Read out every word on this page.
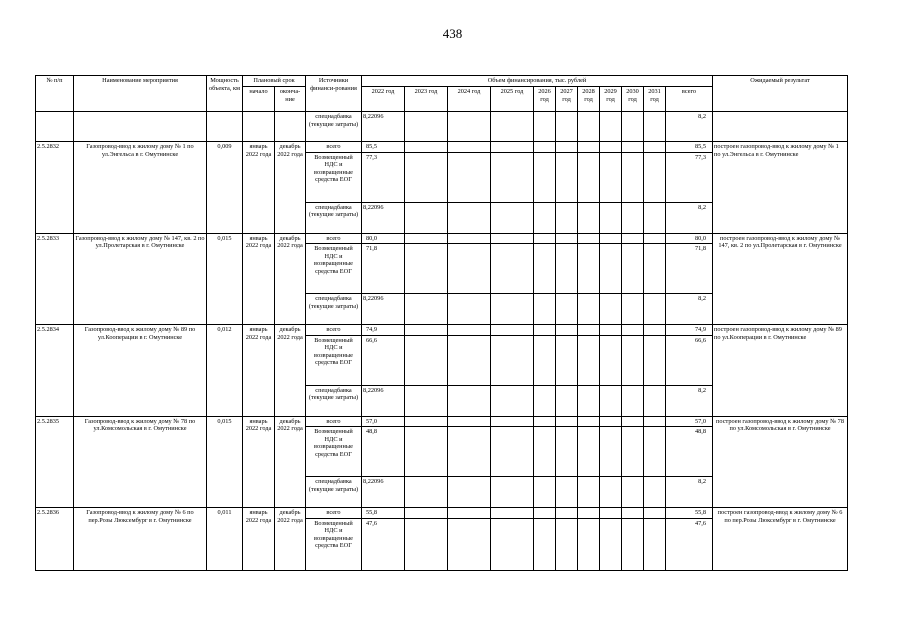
438
№ п/п	Наименование мероприятия	Мощность объекта, км	Плановый срок		Источники финанси-рования	Объем финансирования, тыс. рублей											Ожидаемый результат
			начало	оконча-ние		2022 год	2023 год	2024 год	2025 год	2026 год	2027 год	2028 год	2029 год	2030 год	2031 год	всего	
					спецнадбавка (текущие затраты)	8,22096										8,2	
2.5.2832	Газопровод-ввод к жилому дому № 1 по ул.Энгельса в г. Омутнинске	0,009	январь 2022 года	декабрь 2022 года	всего	85,5										85,5	построен газопровод-ввод к жилому дому № 1 по ул.Энгельса в г. Омутнинске
					Возмещенный НДС и возвращенные средства ЕОГ	77,3										77,3	
					спецнадбавка (текущие затраты)	8,22096										8,2	
2.5.2833	Газопровод-ввод к жилому дому № 147, кв. 2 по ул.Пролетарская в г. Омутнинске	0,015	январь 2022 года	декабрь 2022 года	всего	80,0										80,0	построен газопровод-ввод к жилому дому № 147, кв. 2 по ул.Пролетарская в г. Омутнинске
					Возмещенный НДС и возвращенные средства ЕОГ	71,8										71,8	
					спецнадбавка (текущие затраты)	8,22096										8,2	
2.5.2834	Газопровод-ввод к жилому дому № 89 по ул.Кооперации в г. Омутнинске	0,012	январь 2022 года	декабрь 2022 года	всего	74,9										74,9	построен газопровод-ввод к жилому дому № 89 по ул.Кооперации в г. Омутнинске
					Возмещенный НДС и возвращенные средства ЕОГ	66,6										66,6	
					спецнадбавка (текущие затраты)	8,22096										8,2	
2.5.2835	Газопровод-ввод к жилому дому № 78 по ул.Комсомольская в г. Омутнинске	0,015	январь 2022 года	декабрь 2022 года	всего	57,0										57,0	построен газопровод-ввод к жилому дому № 78 по ул.Комсомольская в г. Омутнинске
					Возмещенный НДС и возвращенные средства ЕОГ	48,8										48,8	
					спецнадбавка (текущие затраты)	8,22096										8,2	
2.5.2836	Газопровод-ввод к жилому дому № 6 по пер.Розы Люксембург в г. Омутнинске	0,011	январь 2022 года	декабрь 2022 года	всего	55,8										55,8	построен газопровод-ввод к жилому дому № 6 по пер.Розы Люксембург в г. Омутнинске
					Возмещенный НДС и возвращенные средства ЕОГ	47,6										47,6	
